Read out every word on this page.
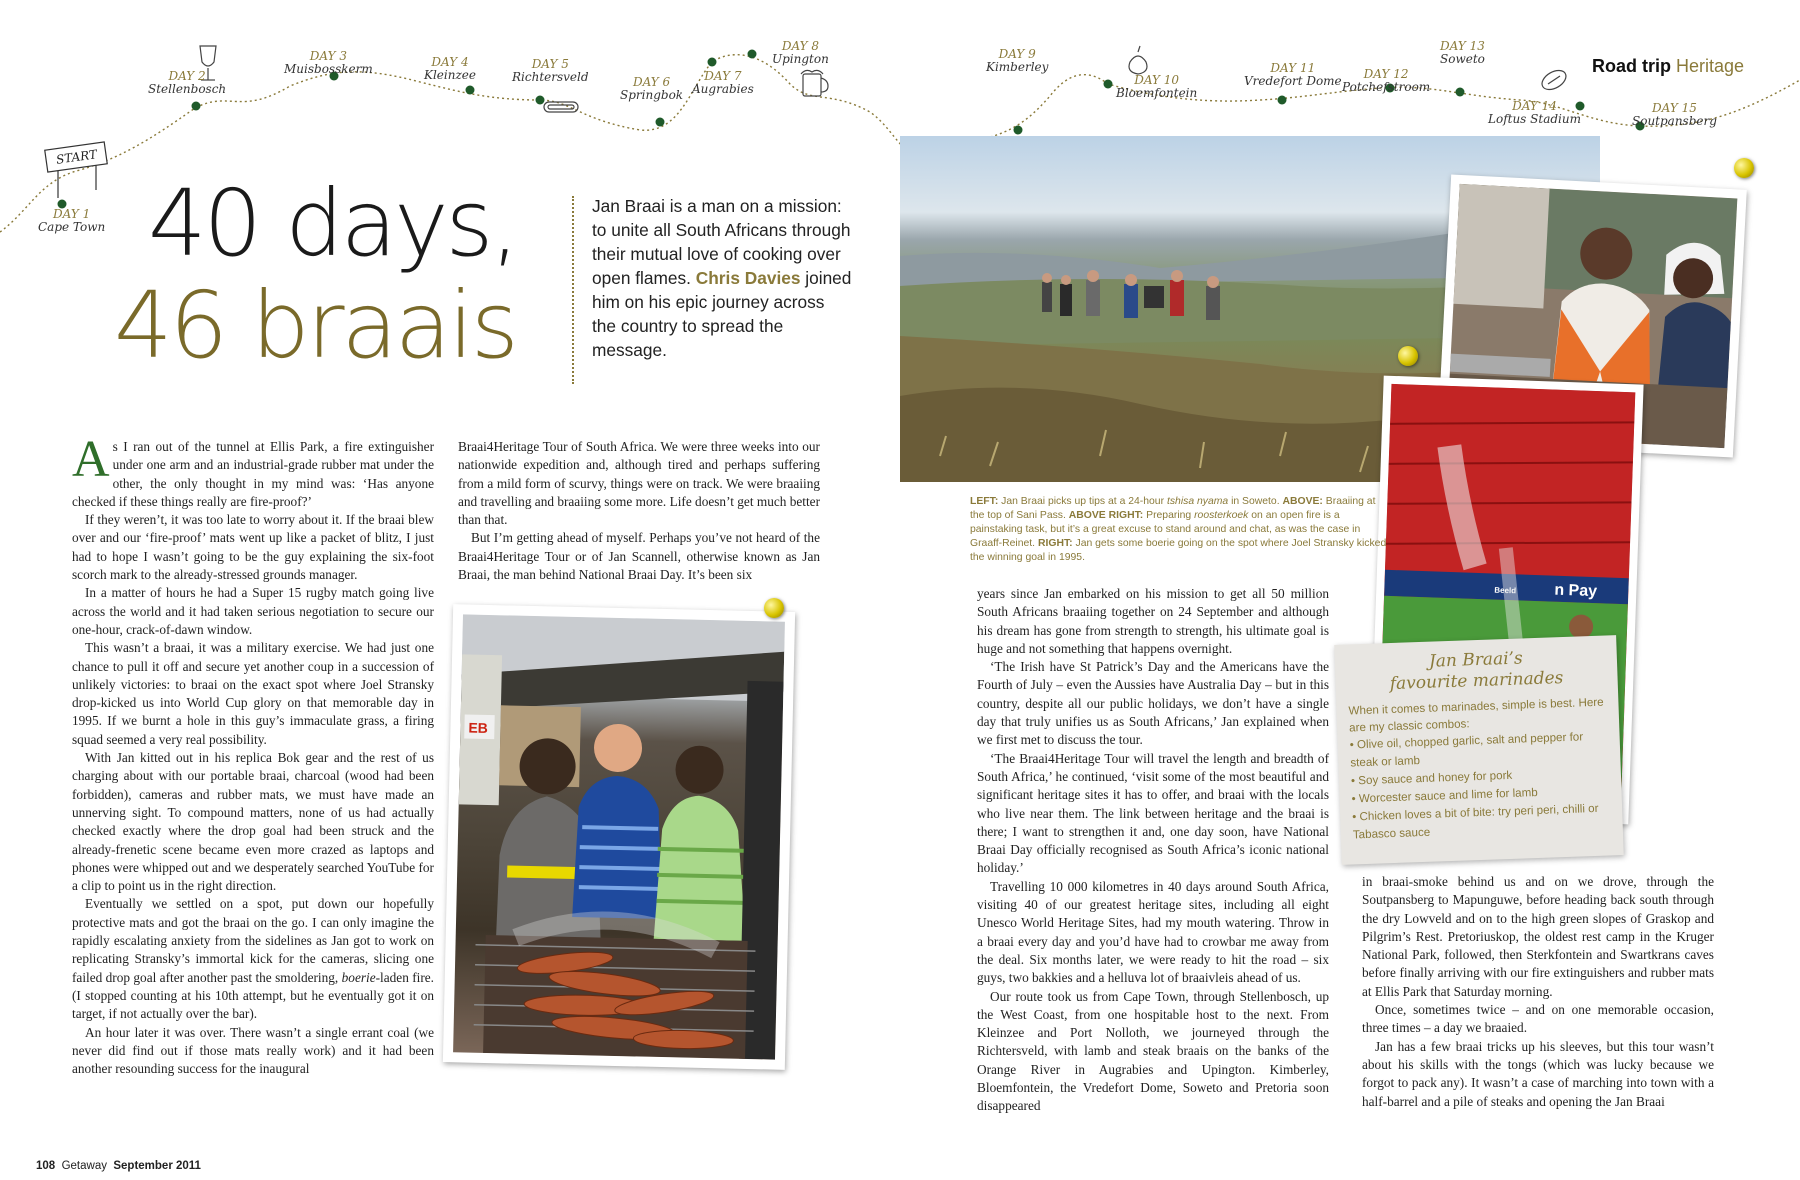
DAY 1
Cape Town
START
DAY 2
Stellenbosch
DAY 3
Muisbosskerm	DAY 4
Kleinzee
DAY 5
Richtersveld	DAY 6
Springbok
DAY 7
Augrabies
DAY 8
Upington	DAY 9
Kimberley
DAY 10
Bloemfontein
DAY 11
Vredefort Dome	DAY 12
Potchefstroom
DAY 13
Soweto
DAY 14
Loftus Stadium
DAY 15
Soutpansberg
Road trip Heritage
40 days,
46 braais
Jan Braai is a man on a mission: to unite all South Africans through their mutual love of cooking over open flames. Chris Davies joined him on his epic journey across the country to spread the message.

As I ran out of the tunnel at Ellis Park, a fire extinguisher under one arm and an industrial-grade rubber mat under the other, the only thought in my mind was: ‘Has anyone checked if these things really are fire-proof?’

If they weren’t, it was too late to worry about it. If the braai blew over and our ‘fire-proof’ mats went up like a packet of blitz, I just had to hope I wasn’t going to be the guy explaining the six-foot scorch mark to the already-stressed grounds manager.

In a matter of hours he had a Super 15 rugby match going live across the world and it had taken serious negotiation to secure our one-hour, crack-of-dawn window.

This wasn’t a braai, it was a military exercise. We had just one chance to pull it off and secure yet another coup in a succession of unlikely victories: to braai on the exact spot where Joel Stransky drop-kicked us into World Cup glory on that memorable day in 1995. If we burnt a hole in this guy’s immaculate grass, a firing squad seemed a very real possibility.

With Jan kitted out in his replica Bok gear and the rest of us charging about with our portable braai, charcoal (wood had been forbidden), cameras and rubber mats, we must have made an unnerving sight. To compound matters, none of us had actually checked exactly where the drop goal had been struck and the already-frenetic scene became even more crazed as laptops and phones were whipped out and we desperately searched YouTube for a clip to point us in the right direction.

Eventually we settled on a spot, put down our hopefully protective mats and got the braai on the go. I can only imagine the rapidly escalating anxiety from the sidelines as Jan got to work on replicating Stransky’s immortal kick for the cameras, slicing one failed drop goal after another past the smoldering, boerie-laden fire. (I stopped counting at his 10th attempt, but he eventually got it on target, if not actually over the bar).

An hour later it was over. There wasn’t a single errant coal (we never did find out if those mats really work) and it had been another resounding success for the inaugural

Braai4Heritage Tour of South Africa. We were three weeks into our nationwide expedition and, although tired and perhaps suffering from a mild form of scurvy, things were on track. We were braaiing and travelling and braaiing some more. Life doesn’t get much better than that.

But I’m getting ahead of myself. Perhaps you’ve not heard of the Braai4Heritage Tour or of Jan Scannell, otherwise known as Jan Braai, the man behind National Braai Day. It’s been six

EB
n Pay
Beeld
LEFT: Jan Braai picks up tips at a 24-hour tshisa nyama in Soweto. ABOVE: Braaiing at the top of Sani Pass. ABOVE RIGHT: Preparing roosterkoek on an open fire is a painstaking task, but it’s a great excuse to stand around and chat, as was the case in Graaff-Reinet. RIGHT: Jan gets some boerie going on the spot where Joel Stransky kicked the winning goal in 1995.

years since Jan embarked on his mission to get all 50 million South Africans braaiing together on 24 September and although his dream has gone from strength to strength, his ultimate goal is huge and not something that happens overnight.

‘The Irish have St Patrick’s Day and the Americans have the Fourth of July – even the Aussies have Australia Day – but in this country, despite all our public holidays, we don’t have a single day that truly unifies us as South Africans,’ Jan explained when we first met to discuss the tour.

‘The Braai4Heritage Tour will travel the length and breadth of South Africa,’ he continued, ‘visit some of the most beautiful and significant heritage sites it has to offer, and braai with the locals who live near them. The link between heritage and the braai is there; I want to strengthen it and, one day soon, have National Braai Day officially recognised as South Africa’s iconic national holiday.’

Travelling 10 000 kilometres in 40 days around South Africa, visiting 40 of our greatest heritage sites, including all eight Unesco World Heritage Sites, had my mouth watering. Throw in a braai every day and you’d have had to crowbar me away from the deal. Six months later, we were ready to hit the road – six guys, two bakkies and a helluva lot of braaivleis ahead of us.

Our route took us from Cape Town, through Stellenbosch, up the West Coast, from one hospitable host to the next. From Kleinzee and Port Nolloth, we journeyed through the Richtersveld, with lamb and steak braais on the banks of the Orange River in Augrabies and Upington. Kimberley, Bloemfontein, the Vredefort Dome, Soweto and Pretoria soon disappeared

Jan Braai’s
favourite marinades
When it comes to marinades, simple is best. Here are my classic combos:
• Olive oil, chopped garlic, salt and pepper for steak or lamb
• Soy sauce and honey for pork
• Worcester sauce and lime for lamb
• Chicken loves a bit of bite: try peri peri, chilli or Tabasco sauce

in braai-smoke behind us and on we drove, through the Soutpansberg to Mapunguwe, before heading back south through the dry Lowveld and on to the high green slopes of Graskop and Pilgrim’s Rest. Pretoriuskop, the oldest rest camp in the Kruger National Park, followed, then Sterkfontein and Swartkrans caves before finally arriving with our fire extinguishers and rubber mats at Ellis Park that Saturday morning.

Once, sometimes twice – and on one memorable occasion, three times – a day we braaied.

Jan has a few braai tricks up his sleeves, but this tour wasn’t about his skills with the tongs (which was lucky because we forgot to pack any). It wasn’t a case of marching into town with a half-barrel and a pile of steaks and opening the Jan Braai

108 Getaway September 2011
